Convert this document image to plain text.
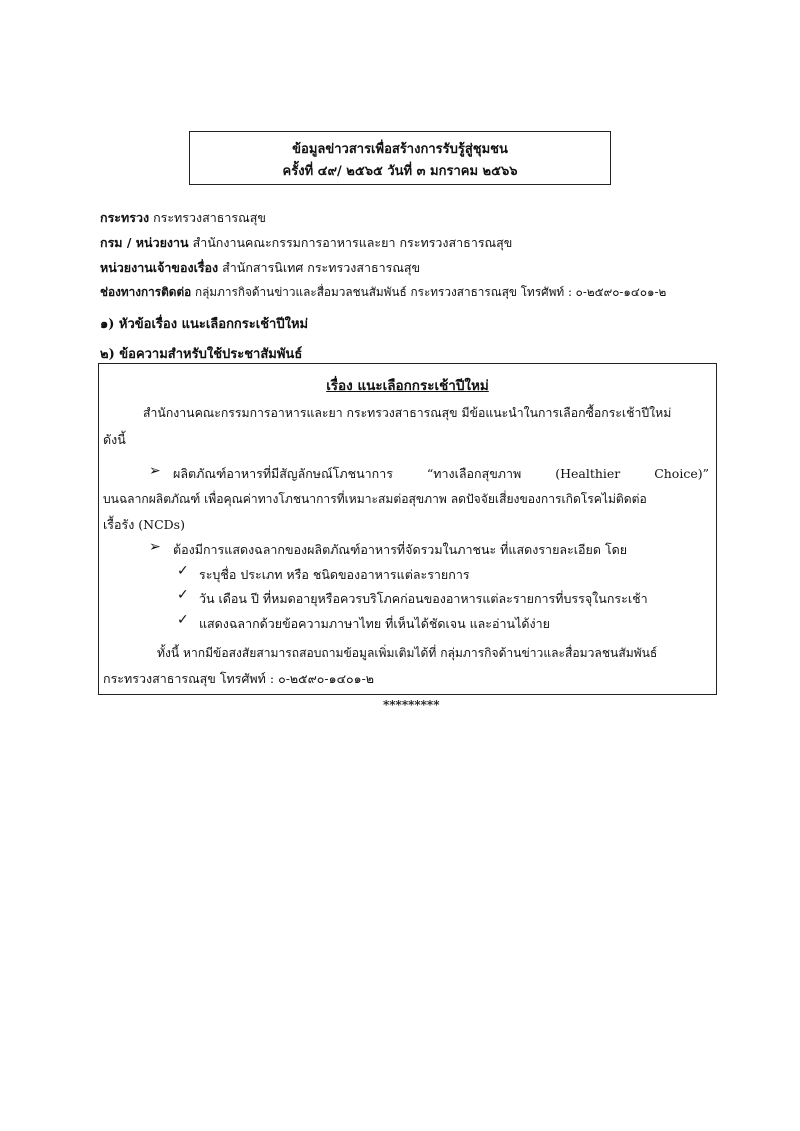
ข้อมูลข่าวสารเพื่อสร้างการรับรู้สู่ชุมชน
ครั้งที่ ๔๙/ ๒๕๖๕ วันที่ ๓ มกราคม ๒๕๖๖
กระทรวง กระทรวงสาธารณสุข
กรม / หน่วยงาน สำนักงานคณะกรรมการอาหารและยา กระทรวงสาธารณสุข
หน่วยงานเจ้าของเรื่อง สำนักสารนิเทศ กระทรวงสาธารณสุข
ช่องทางการติดต่อ กลุ่มภารกิจด้านข่าวและสื่อมวลชนสัมพันธ์ กระทรวงสาธารณสุข โทรศัพท์ : ๐-๒๕๙๐-๑๔๐๑-๒
๑) หัวข้อเรื่อง แนะเลือกกระเช้าปีใหม่
๒) ข้อความสำหรับใช้ประชาสัมพันธ์
เรื่อง แนะเลือกกระเช้าปีใหม่
สำนักงานคณะกรรมการอาหารและยา กระทรวงสาธารณสุข มีข้อแนะนำในการเลือกซื้อกระเช้าปีใหม่
ดังนี้
➢ ผลิตภัณฑ์อาหารที่มีสัญลักษณ์โภชนาการ “ทางเลือกสุขภาพ (Healthier Choice)”
บนฉลากผลิตภัณฑ์ เพื่อคุณค่าทางโภชนาการที่เหมาะสมต่อสุขภาพ ลดปัจจัยเสี่ยงของการเกิดโรคไม่ติดต่อ
เรื้อรัง (NCDs)
➢ ต้องมีการแสดงฉลากของผลิตภัณฑ์อาหารที่จัดรวมในภาชนะ ที่แสดงรายละเอียด โดย
✓ ระบุชื่อ ประเภท หรือ ชนิดของอาหารแต่ละรายการ
✓ วัน เดือน ปี ที่หมดอายุหรือควรบริโภคก่อนของอาหารแต่ละรายการที่บรรจุในกระเช้า
✓ แสดงฉลากด้วยข้อความภาษาไทย ที่เห็นได้ชัดเจน และอ่านได้ง่าย
ทั้งนี้ หากมีข้อสงสัยสามารถสอบถามข้อมูลเพิ่มเติมได้ที่ กลุ่มภารกิจด้านข่าวและสื่อมวลชนสัมพันธ์
กระทรวงสาธารณสุข โทรศัพท์ : ๐-๒๕๙๐-๑๔๐๑-๒
*********
